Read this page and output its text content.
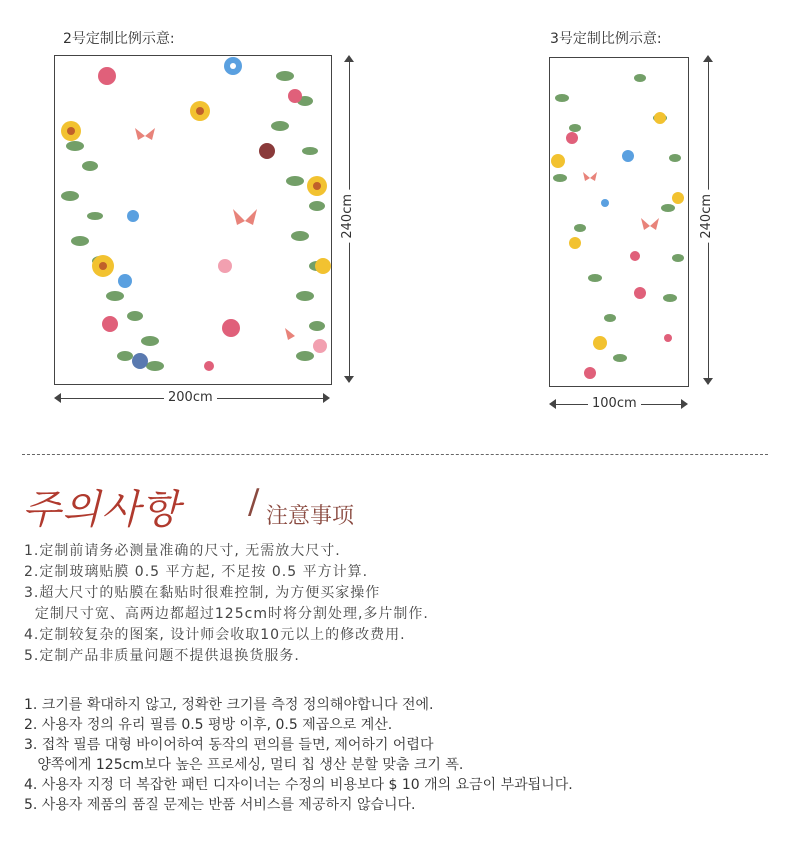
2号定制比例示意:
240cm
200cm
3号定制比例示意:
240cm
100cm
주의사항 / 注意事项
1.定制前请务必测量准确的尺寸, 无需放大尺寸.
2.定制玻璃贴膜 0.5 平方起, 不足按 0.5 平方计算.
3.超大尺寸的贴膜在黏贴时很难控制, 为方便买家操作
定制尺寸宽、高两边都超过125cm时将分割处理,多片制作.
4.定制较复杂的图案, 设计师会收取10元以上的修改费用.
5.定制产品非质量问题不提供退换货服务.
1. 크기를 확대하지 않고, 정확한 크기를 측정 정의해야합니다 전에.
2. 사용자 정의 유리 필름 0.5 평방 이후, 0.5 제곱으로 계산.
3. 접착 필름 대형 바이어하여 동작의 편의를 들면, 제어하기 어렵다
양쪽에게 125cm보다 높은 프로세싱, 멀티 칩 생산 분할 맞춤 크기 폭.
4. 사용자 지정 더 복잡한 패턴 디자이너는 수정의 비용보다 $ 10 개의 요금이 부과됩니다.
5. 사용자 제품의 품질 문제는 반품 서비스를 제공하지 않습니다.
